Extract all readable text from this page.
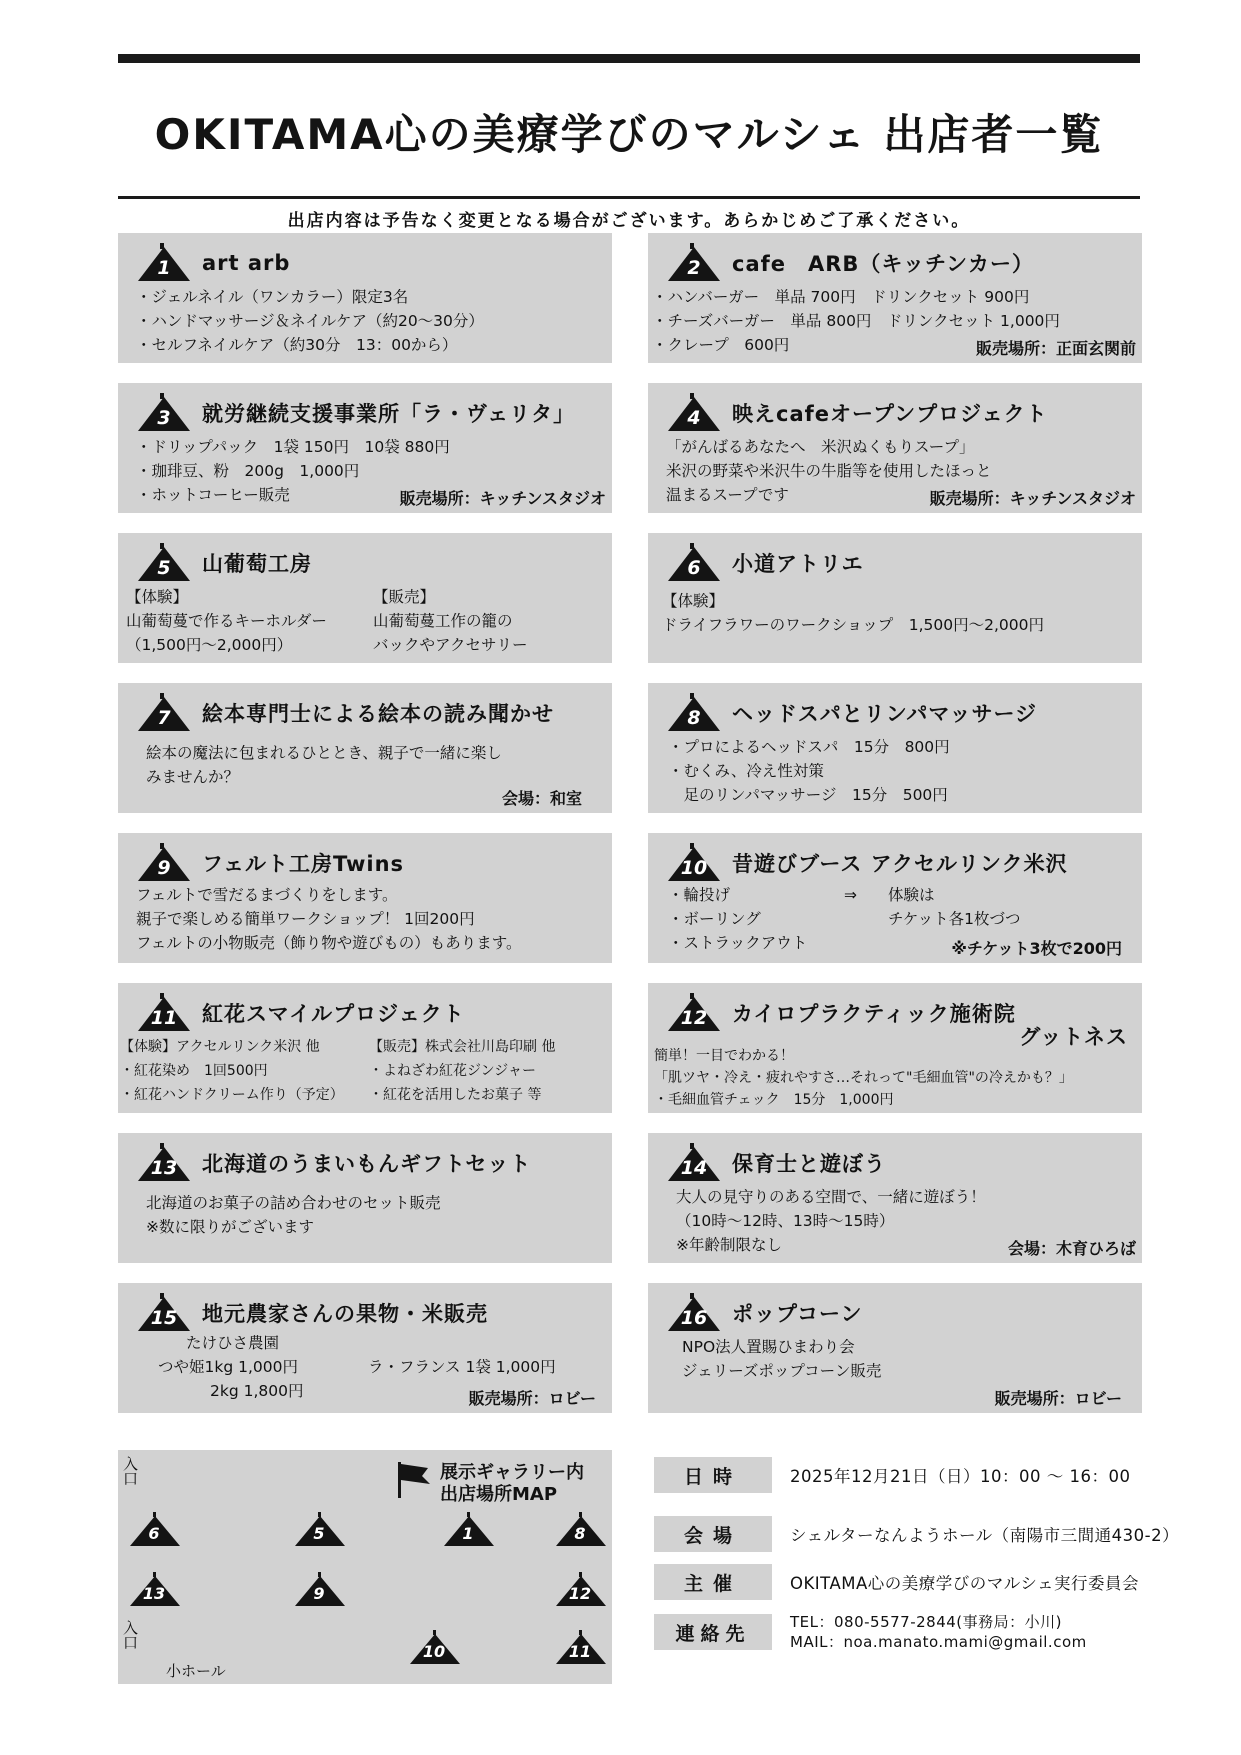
OKITAMA心の美療学びのマルシェ 出店者一覧
出店内容は予告なく変更となる場合がございます。あらかじめご了承ください。
1	art arb
・ジェルネイル（ワンカラー）限定3名
・ハンドマッサージ＆ネイルケア（約20～30分）
・セルフネイルケア（約30分　13：00から）
2	cafe　ARB（キッチンカー）
・ハンバーガー　単品 700円　ドリンクセット 900円
・チーズバーガー　単品 800円　ドリンクセット 1,000円
・クレープ　600円	販売場所：正面玄関前
3	就労継続支援事業所「ラ・ヴェリタ」
・ドリップパック　1袋 150円　10袋 880円
・珈琲豆、粉　200g　1,000円
・ホットコーヒー販売	販売場所：キッチンスタジオ
4	映えcafeオープンプロジェクト
「がんばるあなたへ　米沢ぬくもりスープ」
米沢の野菜や米沢牛の牛脂等を使用したほっと
温まるスープです	販売場所：キッチンスタジオ
5	山葡萄工房
【体験】
山葡萄蔓で作るキーホルダー
（1,500円～2,000円）
【販売】
山葡萄蔓工作の籠の
バックやアクセサリー
6	小道アトリエ
【体験】
ドライフラワーのワークショップ　1,500円～2,000円
7	絵本専門士による絵本の読み聞かせ
絵本の魔法に包まれるひととき、親子で一緒に楽し
みませんか？
会場：和室
8	ヘッドスパとリンパマッサージ
・プロによるヘッドスパ　15分　800円
・むくみ、冷え性対策
　足のリンパマッサージ　15分　500円
9	フェルト工房Twins
フェルトで雪だるまづくりをします。
親子で楽しめる簡単ワークショップ！ 1回200円
フェルトの小物販売（飾り物や遊びもの）もあります。
10 昔遊びブース アクセルリンク米沢
・輪投げ
・ボーリング
・ストラックアウト
⇒ 体験は
チケット各1枚づつ
※チケット3枚で200円
11 紅花スマイルプロジェクト
【体験】アクセルリンク米沢 他
・紅花染め　1回500円
・紅花ハンドクリーム作り（予定）
【販売】株式会社川島印刷 他
・よねざわ紅花ジンジャー
・紅花を活用したお菓子 等
12 カイロプラクティック施術院
グットネス
簡単！一目でわかる！
「肌ツヤ・冷え・疲れやすさ…それって"毛細血管"の冷えかも？」
・毛細血管チェック　15分　1,000円
13 北海道のうまいもんギフトセット
北海道のお菓子の詰め合わせのセット販売
※数に限りがございます
14 保育士と遊ぼう
大人の見守りのある空間で、一緒に遊ぼう！
（10時～12時、13時～15時）
※年齢制限なし	会場：木育ひろば
15 地元農家さんの果物・米販売
たけひさ農園
つや姫1kg 1,000円
2kg 1,800円
ラ・フランス 1袋 1,000円
販売場所：ロビー
16 ポップコーン
NPO法人置賜ひまわり会
ジェリーズポップコーン販売
販売場所：ロビー
入口
入口
展示ギャラリー内
出店場所MAP
6	5	1	8
13	9	12
10	11
小ホール
日時	2025年12月21日（日）10：00 ～ 16：00
会場	シェルターなんようホール（南陽市三間通430-2）
主催	OKITAMA心の美療学びのマルシェ実行委員会
連絡先
TEL：080-5577-2844(事務局：小川)
MAIL：noa.manato.mami@gmail.com
